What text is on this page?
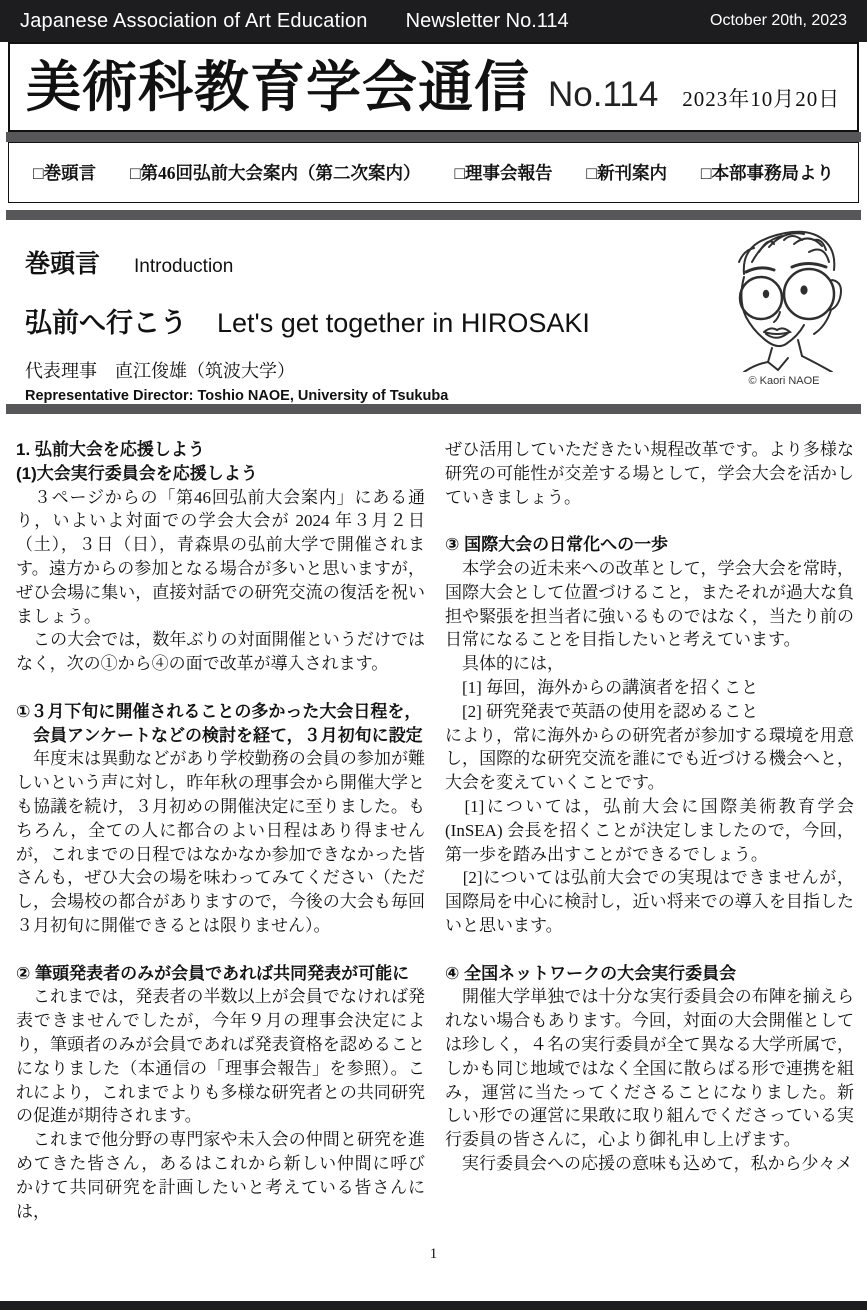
Japanese Association of Art Education Newsletter No.114	October 20th, 2023
美術科教育学会通信 No.114 2023年10月20日
□巻頭言 □第46回弘前大会案内（第二次案内） □理事会報告 □新刊案内 □本部事務局より
巻頭言 Introduction
弘前へ行こう Let's get together in HIROSAKI
代表理事　直江俊雄（筑波大学）
Representative Director: Toshio NAOE, University of Tsukuba
© Kaori NAOE
1. 弘前大会を応援しよう
(1)大会実行委員会を応援しよう
　３ページからの「第46回弘前大会案内」にある通り，いよいよ対面での学会大会が 2024 年３月２日（土），３日（日），青森県の弘前大学で開催されます。遠方からの参加となる場合が多いと思いますが，ぜひ会場に集い，直接対話での研究交流の復活を祝いましょう。
　この大会では，数年ぶりの対面開催というだけではなく，次の①から④の面で改革が導入されます。

①３月下旬に開催されることの多かった大会日程を，
　会員アンケートなどの検討を経て，３月初旬に設定
　年度末は異動などがあり学校勤務の会員の参加が難しいという声に対し，昨年秋の理事会から開催大学とも協議を続け，３月初めの開催決定に至りました。もちろん，全ての人に都合のよい日程はあり得ませんが，これまでの日程ではなかなか参加できなかった皆さんも，ぜひ大会の場を味わってみてください（ただし，会場校の都合がありますので，今後の大会も毎回３月初旬に開催できるとは限りません）。

② 筆頭発表者のみが会員であれば共同発表が可能に
　これまでは，発表者の半数以上が会員でなければ発表できませんでしたが，今年９月の理事会決定により，筆頭者のみが会員であれば発表資格を認めることになりました（本通信の「理事会報告」を参照）。これにより，これまでよりも多様な研究者との共同研究の促進が期待されます。
　これまで他分野の専門家や未入会の仲間と研究を進めてきた皆さん，あるはこれから新しい仲間に呼びかけて共同研究を計画したいと考えている皆さんには，
ぜひ活用していただきたい規程改革です。より多様な研究の可能性が交差する場として，学会大会を活かしていきましょう。

③ 国際大会の日常化への一歩
　本学会の近未来への改革として，学会大会を常時，国際大会として位置づけること，またそれが過大な負担や緊張を担当者に強いるものではなく，当たり前の日常になることを目指したいと考えています。
　具体的には，
　[1] 毎回，海外からの講演者を招くこと
　[2] 研究発表で英語の使用を認めること
により，常に海外からの研究者が参加する環境を用意し，国際的な研究交流を誰にでも近づける機会へと，大会を変えていくことです。
　[1]については，弘前大会に国際美術教育学会 (InSEA) 会長を招くことが決定しましたので，今回，第一歩を踏み出すことができるでしょう。
　[2]については弘前大会での実現はできませんが，国際局を中心に検討し，近い将来での導入を目指したいと思います。

④ 全国ネットワークの大会実行委員会
　開催大学単独では十分な実行委員会の布陣を揃えられない場合もあります。今回，対面の大会開催としては珍しく，４名の実行委員が全て異なる大学所属で，しかも同じ地域ではなく全国に散らばる形で連携を組み，運営に当たってくださることになりました。新しい形での運営に果敢に取り組んでくださっている実行委員の皆さんに，心より御礼申し上げます。
　実行委員会への応援の意味も込めて，私から少々メ
1
